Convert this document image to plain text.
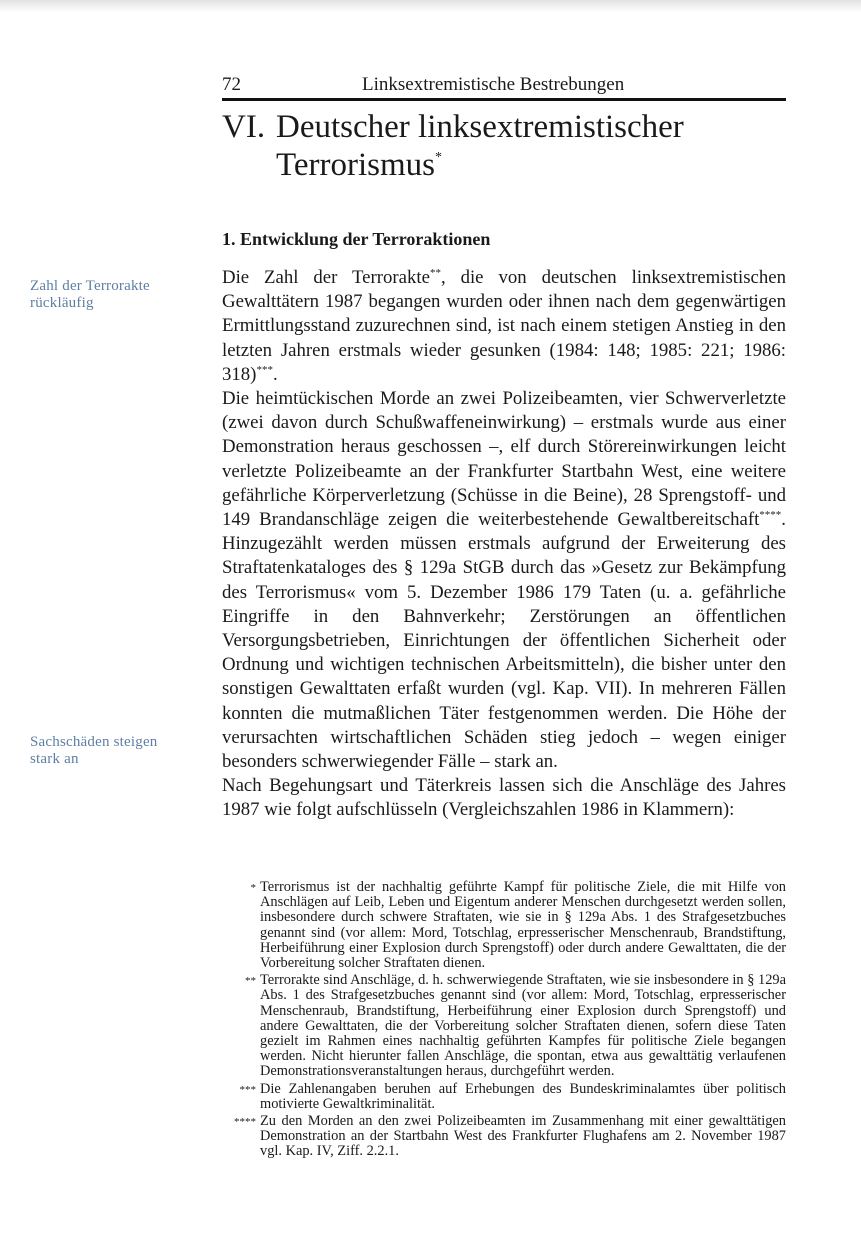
72	Linksextremistische Bestrebungen
VI. Deutscher linksextremistischer
Terrorismus*
1. Entwicklung der Terroraktionen
Zahl der Terrorakte
rückläufig
Sachschäden steigen
stark an

Die Zahl der Terrorakte**, die von deutschen linksextremistischen Gewalttätern 1987 begangen wurden oder ihnen nach dem gegenwärtigen Ermittlungsstand zuzurechnen sind, ist nach einem stetigen Anstieg in den letzten Jahren erstmals wieder gesunken (1984: 148; 1985: 221; 1986: 318)***.

Die heimtückischen Morde an zwei Polizeibeamten, vier Schwerverletzte (zwei davon durch Schußwaffeneinwirkung) – erstmals wurde aus einer Demonstration heraus geschossen –, elf durch Störereinwirkungen leicht verletzte Polizeibeamte an der Frankfurter Startbahn West, eine weitere gefährliche Körperverletzung (Schüsse in die Beine), 28 Sprengstoff- und 149 Brandanschläge zeigen die weiterbestehende Gewaltbereitschaft****. Hinzugezählt werden müssen erstmals aufgrund der Erweiterung des Straftatenkataloges des § 129a StGB durch das »Gesetz zur Bekämpfung des Terrorismus« vom 5. Dezember 1986 179 Taten (u. a. gefährliche Eingriffe in den Bahnverkehr; Zerstörungen an öffentlichen Versorgungsbetrieben, Einrichtungen der öffentlichen Sicherheit oder Ordnung und wichtigen technischen Arbeitsmitteln), die bisher unter den sonstigen Gewalttaten erfaßt wurden (vgl. Kap. VII). In mehreren Fällen konnten die mutmaßlichen Täter festgenommen werden. Die Höhe der verursachten wirtschaftlichen Schäden stieg jedoch – wegen einiger besonders schwerwiegender Fälle – stark an.

Nach Begehungsart und Täterkreis lassen sich die Anschläge des Jahres 1987 wie folgt aufschlüsseln (Vergleichszahlen 1986 in Klammern):

* Terrorismus ist der nachhaltig geführte Kampf für politische Ziele, die mit Hilfe von Anschlägen auf Leib, Leben und Eigentum anderer Menschen durchgesetzt werden sollen, insbesondere durch schwere Straftaten, wie sie in § 129a Abs. 1 des Strafgesetzbuches genannt sind (vor allem: Mord, Totschlag, erpresserischer Menschenraub, Brandstiftung, Herbeiführung einer Explosion durch Sprengstoff) oder durch andere Gewalttaten, die der Vorbereitung solcher Straftaten dienen.
** Terrorakte sind Anschläge, d. h. schwerwiegende Straftaten, wie sie insbesondere in § 129a Abs. 1 des Strafgesetzbuches genannt sind (vor allem: Mord, Totschlag, erpresserischer Menschenraub, Brandstiftung, Herbeiführung einer Explosion durch Sprengstoff) und andere Gewalttaten, die der Vorbereitung solcher Straftaten dienen, sofern diese Taten gezielt im Rahmen eines nachhaltig geführten Kampfes für politische Ziele begangen werden. Nicht hierunter fallen Anschläge, die spontan, etwa aus gewalttätig verlaufenen Demonstrationsveranstaltungen heraus, durchgeführt werden.
*** Die Zahlenangaben beruhen auf Erhebungen des Bundeskriminalamtes über politisch motivierte Gewaltkriminalität.
**** Zu den Morden an den zwei Polizeibeamten im Zusammenhang mit einer gewalttätigen Demonstration an der Startbahn West des Frankfurter Flughafens am 2. November 1987 vgl. Kap. IV, Ziff. 2.2.1.
